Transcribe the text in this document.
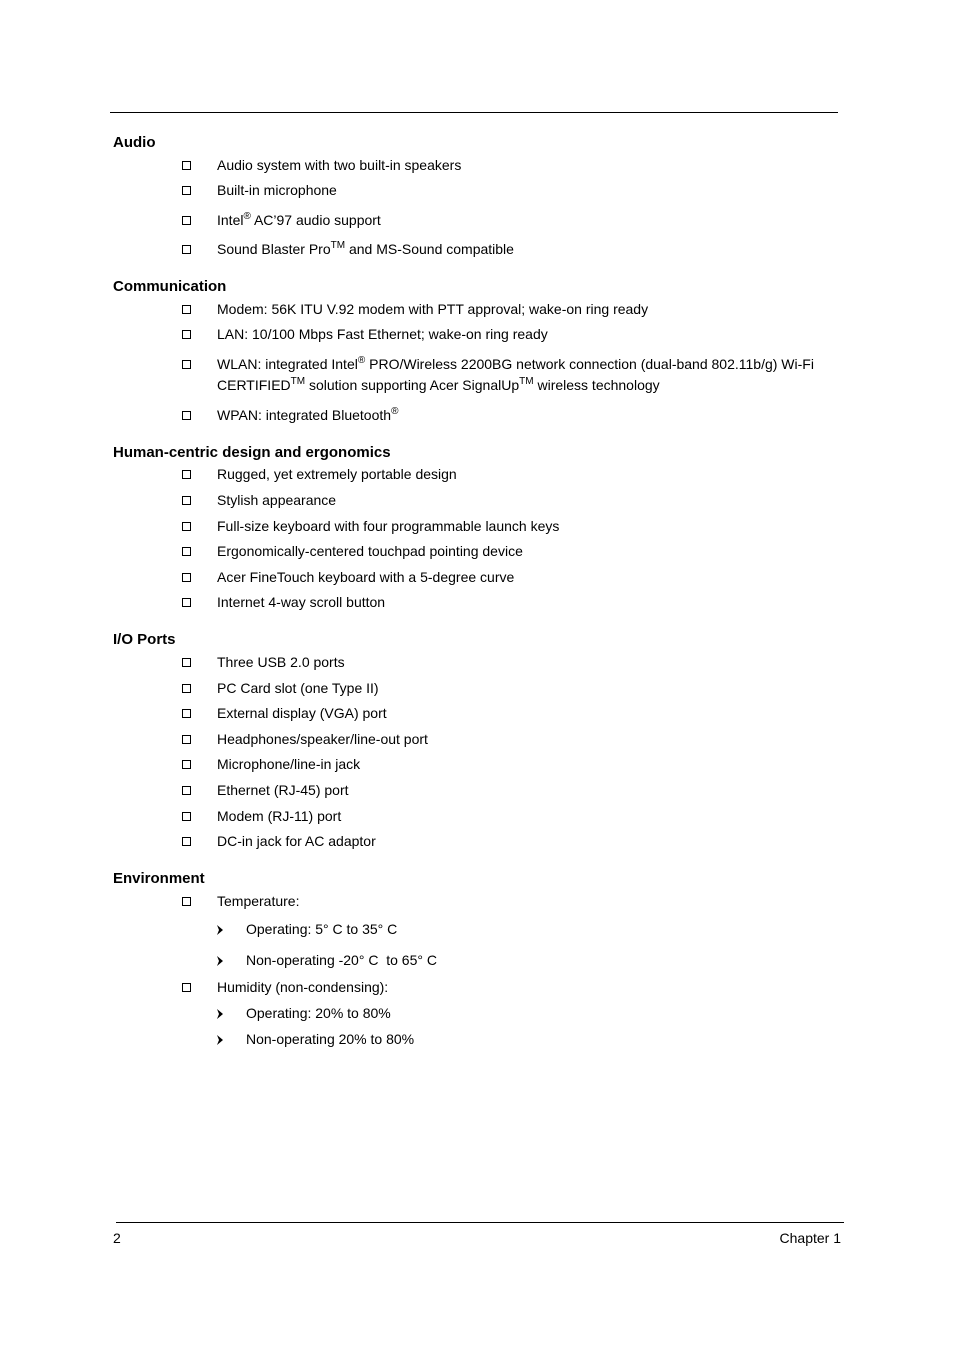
Audio
Audio system with two built-in speakers
Built-in microphone
Intel® AC’97 audio support
Sound Blaster Pro™ and MS-Sound compatible
Communication
Modem: 56K ITU V.92 modem with PTT approval; wake-on ring ready
LAN: 10/100 Mbps Fast Ethernet; wake-on ring ready
WLAN: integrated Intel® PRO/Wireless 2200BG network connection (dual-band 802.11b/g) Wi-Fi
CERTIFIED™ solution supporting Acer SignalUp™ wireless technology
WPAN: integrated Bluetooth®
Human-centric design and ergonomics
Rugged, yet extremely portable design
Stylish appearance
Full-size keyboard with four programmable launch keys
Ergonomically-centered touchpad pointing device
Acer FineTouch keyboard with a 5-degree curve
Internet 4-way scroll button
I/O Ports
Three USB 2.0 ports
PC Card slot (one Type II)
External display (VGA) port
Headphones/speaker/line-out port
Microphone/line-in jack
Ethernet (RJ-45) port
Modem (RJ-11) port
DC-in jack for AC adaptor
Environment
Temperature:
Operating: 5° C to 35° C
Non-operating -20° C  to 65° C
Humidity (non-condensing):
Operating: 20% to 80%
Non-operating 20% to 80%
2	Chapter 1
